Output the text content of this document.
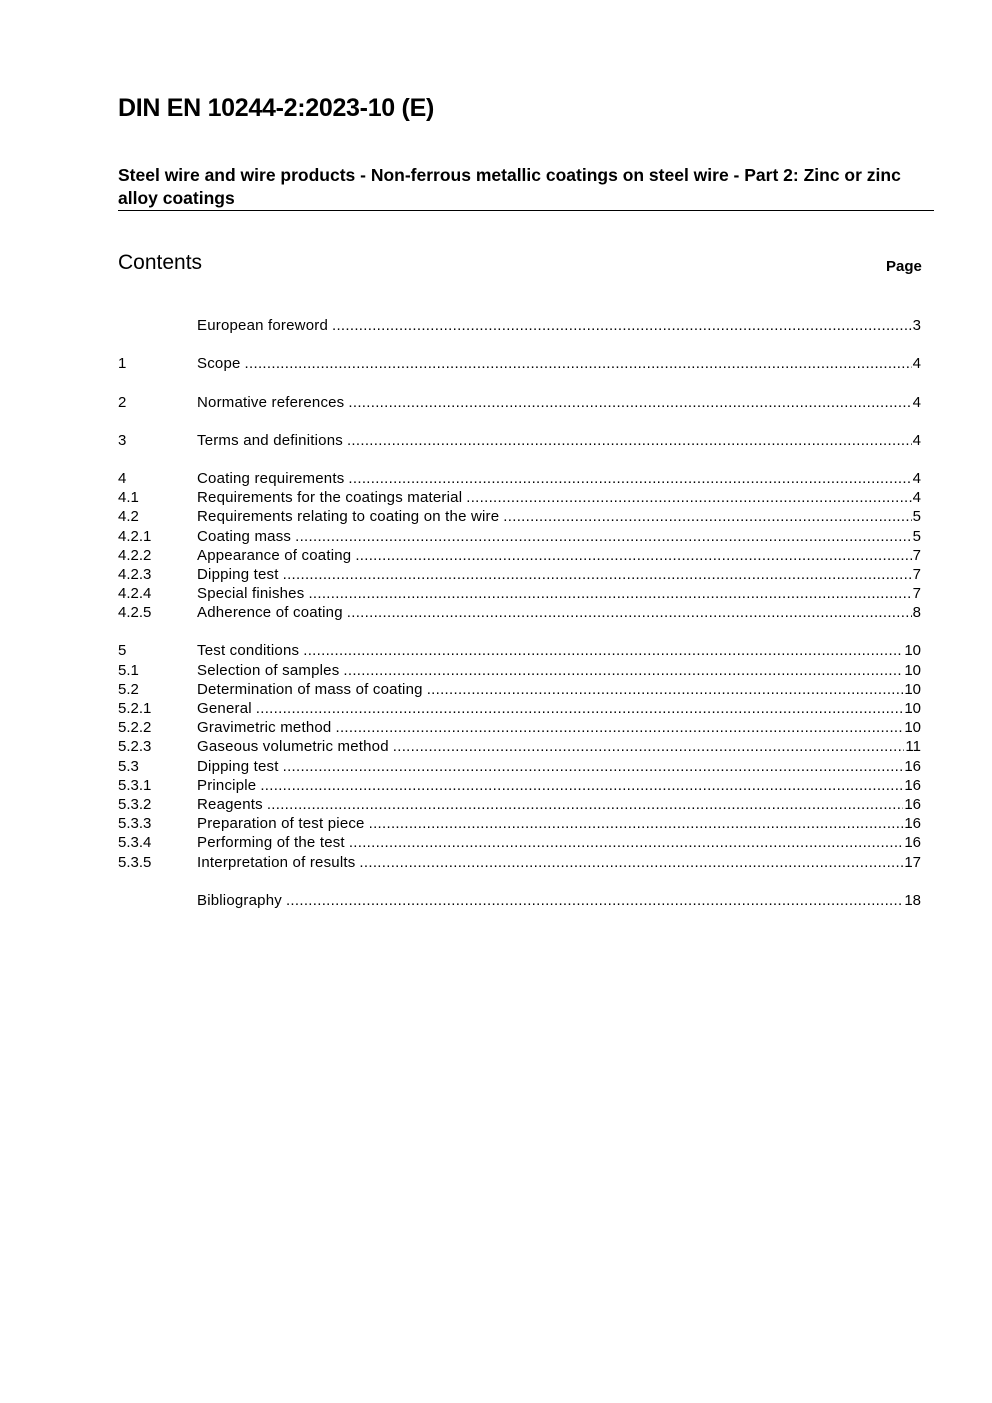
DIN EN 10244-2:2023-10 (E)
Steel wire and wire products - Non-ferrous metallic coatings on steel wire - Part 2: Zinc or zinc alloy coatings
Contents	Page
European foreword .....	3
1	Scope .....	4
2	Normative references .....	4
3	Terms and definitions .....	4
4	Coating requirements .....	4
4.1	Requirements for the coatings material .....	4
4.2	Requirements relating to coating on the wire .....	5
4.2.1	Coating mass .....	5
4.2.2	Appearance of coating .....	7
4.2.3	Dipping test .....	7
4.2.4	Special finishes .....	7
4.2.5	Adherence of coating .....	8
5	Test conditions .....	10
5.1	Selection of samples .....	10
5.2	Determination of mass of coating .....	10
5.2.1	General .....	10
5.2.2	Gravimetric method .....	10
5.2.3	Gaseous volumetric method .....	11
5.3	Dipping test .....	16
5.3.1	Principle .....	16
5.3.2	Reagents .....	16
5.3.3	Preparation of test piece .....	16
5.3.4	Performing of the test .....	16
5.3.5	Interpretation of results .....	17
Bibliography .....	18
